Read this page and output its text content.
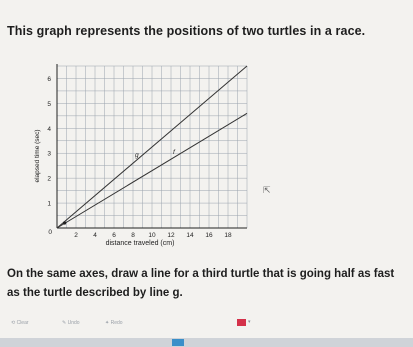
This graph represents the positions of two turtles in a race.
g	f
2 4 6 8 10 12 14 16 18
1
2
3
4
5
6
0
distance traveled (cm)
elapsed time (sec)
⇱
On the same axes, draw a line for a third turtle that is going half as fast as the turtle described by line g.
⟲ Clear	✎ Undo	✦ Redo	▾
